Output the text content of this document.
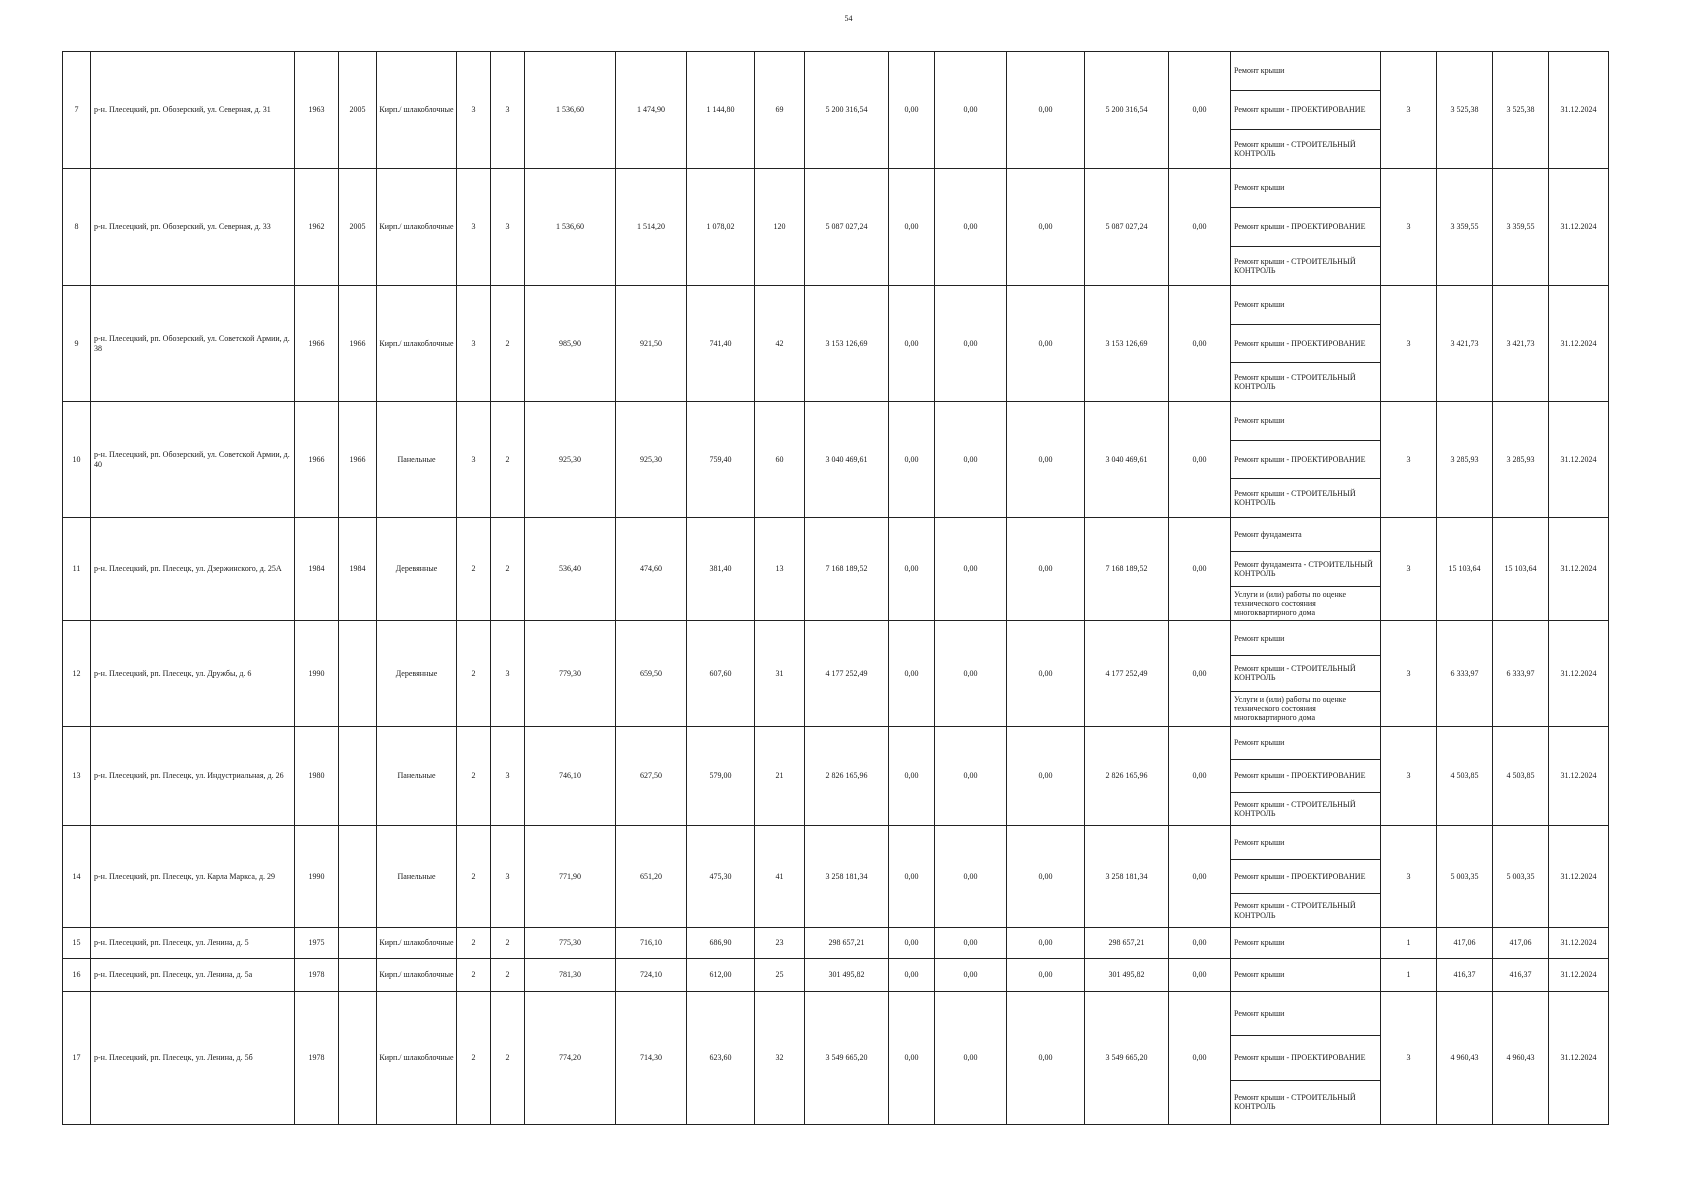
54
7	р-н. Плесецкий, рп. Обозерский, ул. Северная, д. 31	1963	2005	Кирп./ шлакоблочные	3	3	1 536,60	1 474,90	1 144,80	69	5 200 316,54	0,00	0,00	0,00	5 200 316,54	0,00	Ремонт крыши
Ремонт крыши - ПРОЕКТИРОВАНИЕ
Ремонт крыши - СТРОИТЕЛЬНЫЙ КОНТРОЛЬ	3	3 525,38	3 525,38	31.12.2024
8	р-н. Плесецкий, рп. Обозерский, ул. Северная, д. 33	1962	2005	Кирп./ шлакоблочные	3	3	1 536,60	1 514,20	1 078,02	120	5 087 027,24	0,00	0,00	0,00	5 087 027,24	0,00	Ремонт крыши
Ремонт крыши - ПРОЕКТИРОВАНИЕ
Ремонт крыши - СТРОИТЕЛЬНЫЙ КОНТРОЛЬ	3	3 359,55	3 359,55	31.12.2024
9	р-н. Плесецкий, рп. Обозерский, ул. Советской Армии, д. 38	1966	1966	Кирп./ шлакоблочные	3	2	985,90	921,50	741,40	42	3 153 126,69	0,00	0,00	0,00	3 153 126,69	0,00	Ремонт крыши
Ремонт крыши - ПРОЕКТИРОВАНИЕ
Ремонт крыши - СТРОИТЕЛЬНЫЙ КОНТРОЛЬ	3	3 421,73	3 421,73	31.12.2024
10	р-н. Плесецкий, рп. Обозерский, ул. Советской Армии, д. 40	1966	1966	Панельные	3	2	925,30	925,30	759,40	60	3 040 469,61	0,00	0,00	0,00	3 040 469,61	0,00	Ремонт крыши
Ремонт крыши - ПРОЕКТИРОВАНИЕ
Ремонт крыши - СТРОИТЕЛЬНЫЙ КОНТРОЛЬ	3	3 285,93	3 285,93	31.12.2024
11	р-н. Плесецкий, рп. Плесецк, ул. Дзержинского, д. 25А	1984	1984	Деревянные	2	2	536,40	474,60	381,40	13	7 168 189,52	0,00	0,00	0,00	7 168 189,52	0,00	Ремонт фундамента
Ремонт фундамента - СТРОИТЕЛЬНЫЙ КОНТРОЛЬ
Услуги и (или) работы по оценке технического состояния многоквартирного дома	3	15 103,64	15 103,64	31.12.2024
12	р-н. Плесецкий, рп. Плесецк, ул. Дружбы, д. 6	1990		Деревянные	2	3	779,30	659,50	607,60	31	4 177 252,49	0,00	0,00	0,00	4 177 252,49	0,00	Ремонт крыши
Ремонт крыши - СТРОИТЕЛЬНЫЙ КОНТРОЛЬ
Услуги и (или) работы по оценке технического состояния многоквартирного дома	3	6 333,97	6 333,97	31.12.2024
13	р-н. Плесецкий, рп. Плесецк, ул. Индустриальная, д. 26	1980		Панельные	2	3	746,10	627,50	579,00	21	2 826 165,96	0,00	0,00	0,00	2 826 165,96	0,00	Ремонт крыши
Ремонт крыши - ПРОЕКТИРОВАНИЕ
Ремонт крыши - СТРОИТЕЛЬНЫЙ КОНТРОЛЬ	3	4 503,85	4 503,85	31.12.2024
14	р-н. Плесецкий, рп. Плесецк, ул. Карла Маркса, д. 29	1990		Панельные	2	3	771,90	651,20	475,30	41	3 258 181,34	0,00	0,00	0,00	3 258 181,34	0,00	Ремонт крыши
Ремонт крыши - ПРОЕКТИРОВАНИЕ
Ремонт крыши - СТРОИТЕЛЬНЫЙ КОНТРОЛЬ	3	5 003,35	5 003,35	31.12.2024
15	р-н. Плесецкий, рп. Плесецк, ул. Ленина, д. 5	1975		Кирп./ шлакоблочные	2	2	775,30	716,10	686,90	23	298 657,21	0,00	0,00	0,00	298 657,21	0,00	Ремонт крыши	1	417,06	417,06	31.12.2024
16	р-н. Плесецкий, рп. Плесецк, ул. Ленина, д. 5а	1978		Кирп./ шлакоблочные	2	2	781,30	724,10	612,00	25	301 495,82	0,00	0,00	0,00	301 495,82	0,00	Ремонт крыши	1	416,37	416,37	31.12.2024
17	р-н. Плесецкий, рп. Плесецк, ул. Ленина, д. 5б	1978		Кирп./ шлакоблочные	2	2	774,20	714,30	623,60	32	3 549 665,20	0,00	0,00	0,00	3 549 665,20	0,00	Ремонт крыши
Ремонт крыши - ПРОЕКТИРОВАНИЕ
Ремонт крыши - СТРОИТЕЛЬНЫЙ КОНТРОЛЬ	3	4 960,43	4 960,43	31.12.2024
